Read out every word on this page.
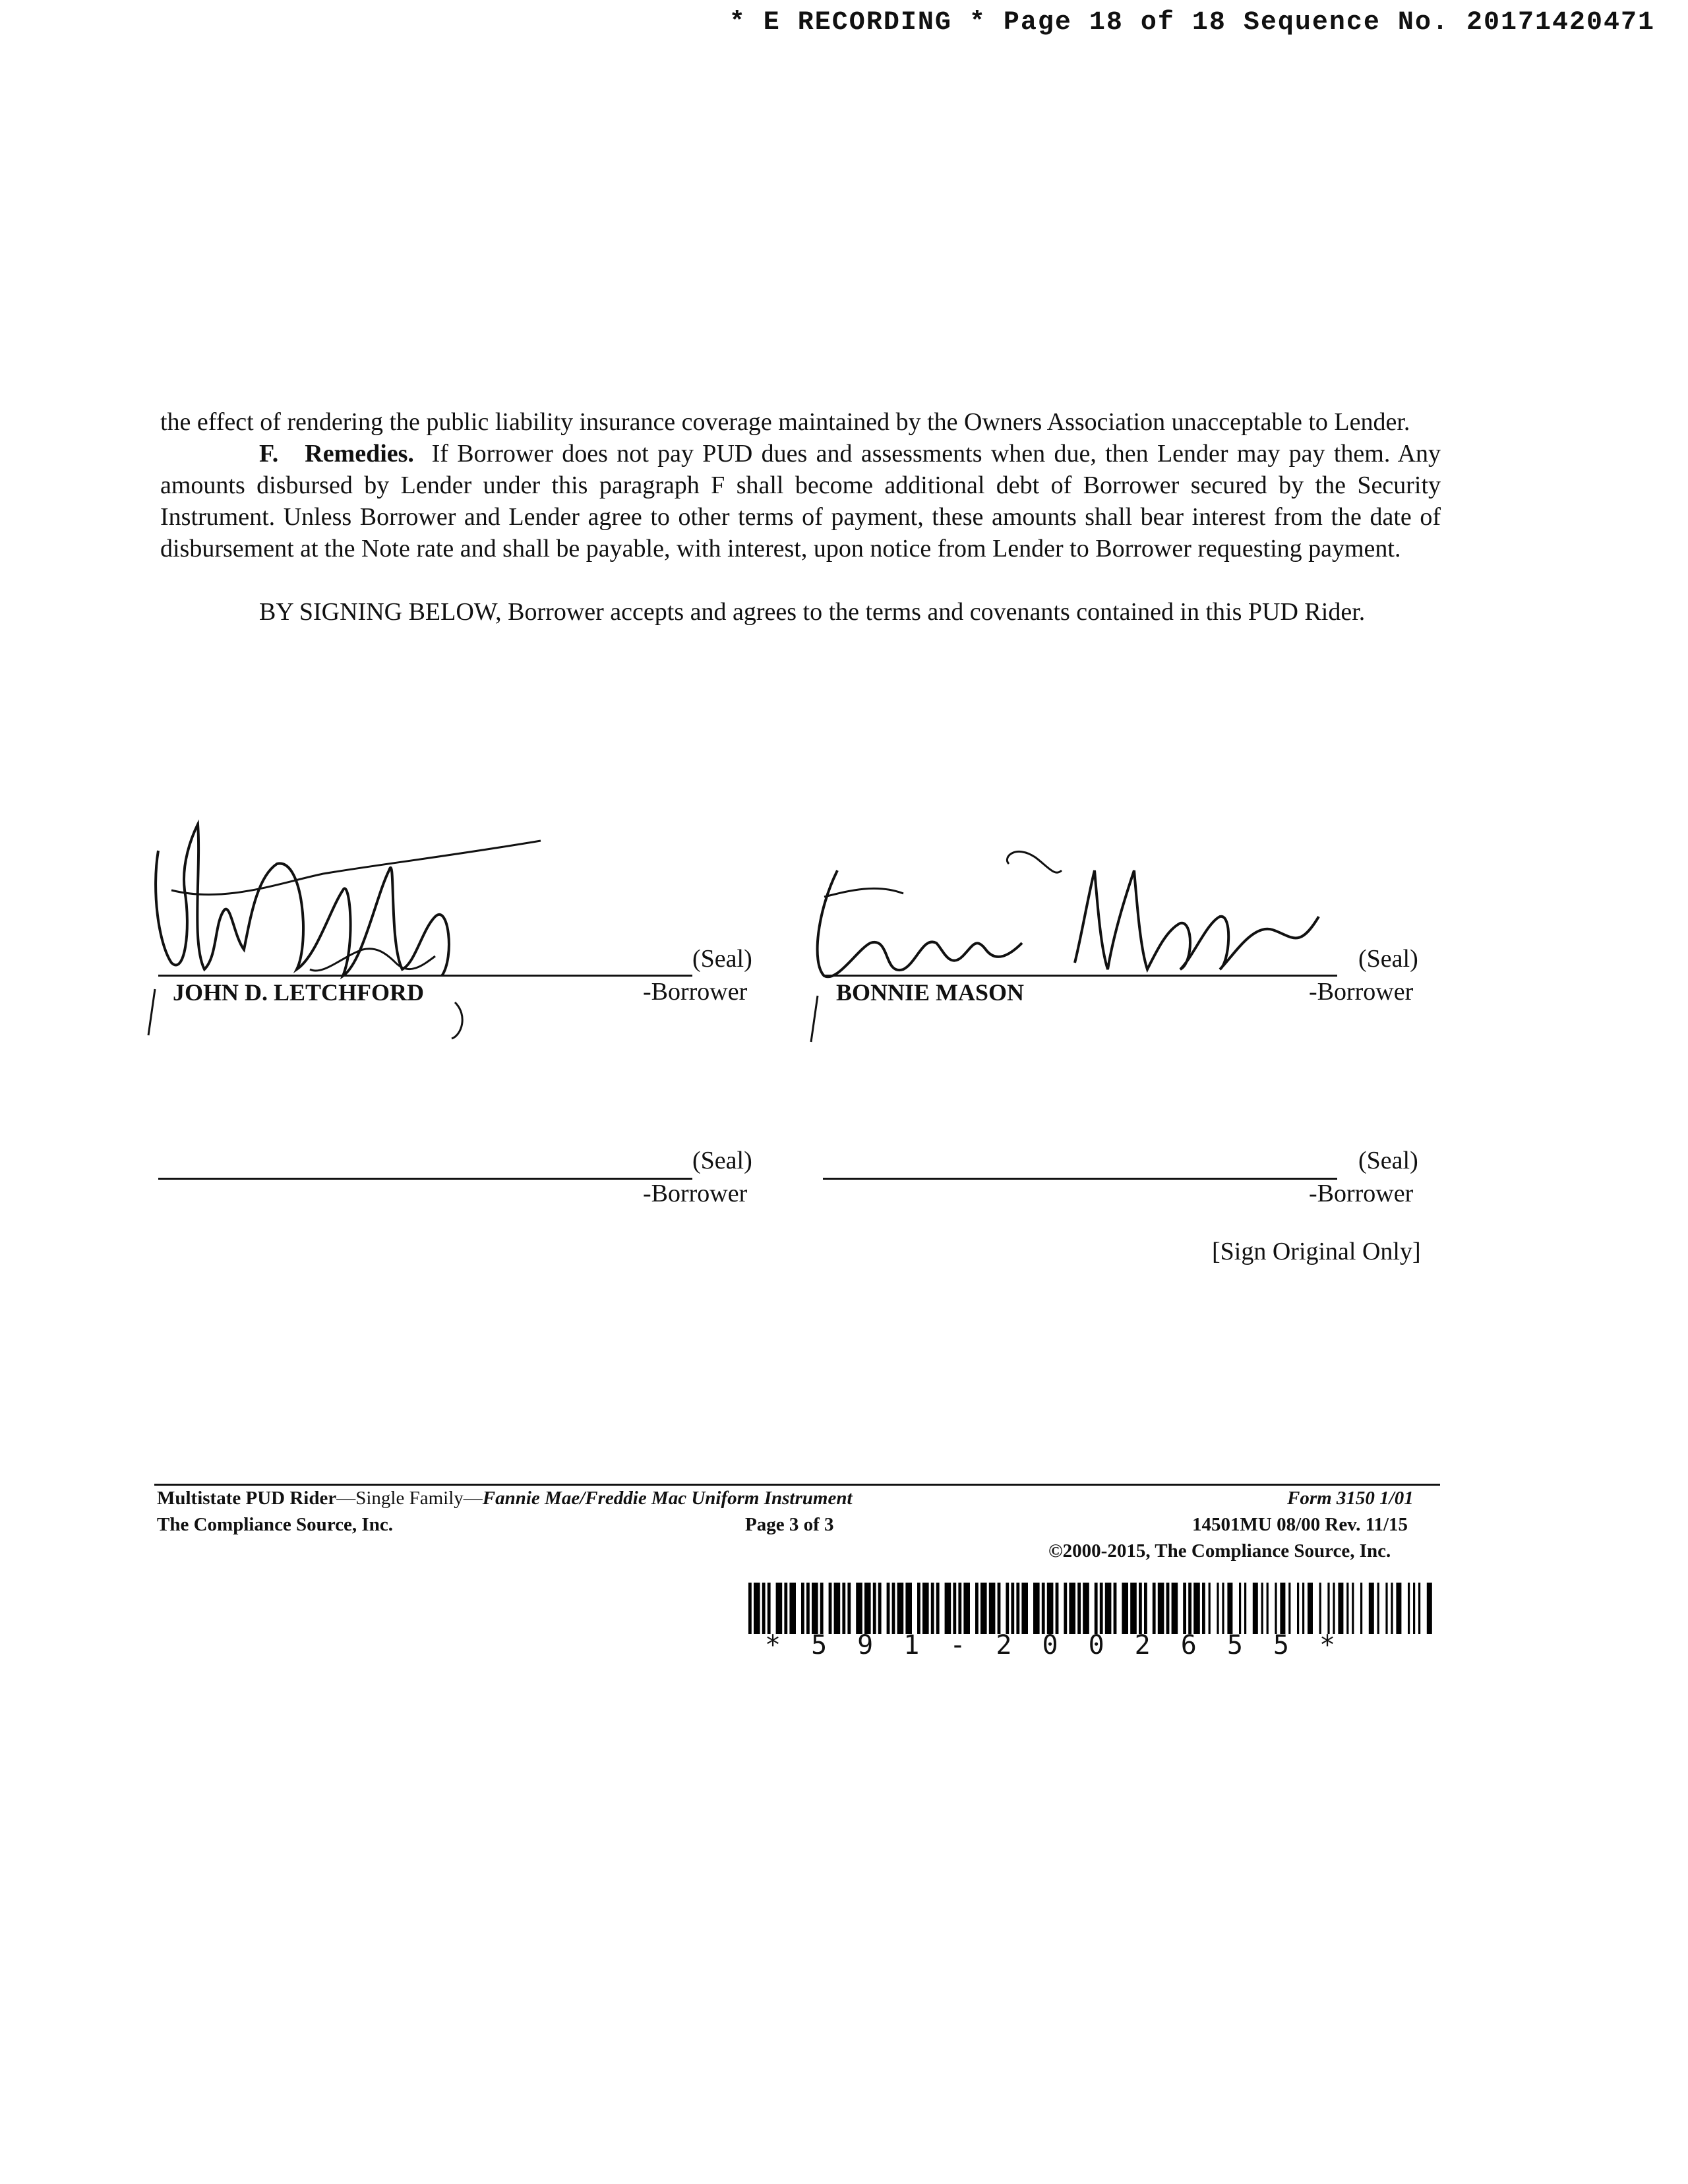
* E RECORDING * Page 18 of 18 Sequence No. 20171420471

the effect of rendering the public liability insurance coverage maintained by the Owners Association unacceptable to Lender.

F. Remedies. If Borrower does not pay PUD dues and assessments when due, then Lender may pay them. Any amounts disbursed by Lender under this paragraph F shall become additional debt of Borrower secured by the Security Instrument. Unless Borrower and Lender agree to other terms of payment, these amounts shall bear interest from the date of disbursement at the Note rate and shall be payable, with interest, upon notice from Lender to Borrower requesting payment.

BY SIGNING BELOW, Borrower accepts and agrees to the terms and covenants contained in this PUD Rider.

(Seal)
-Borrower
JOHN D. LETCHFORD
(Seal)
-Borrower
BONNIE MASON
(Seal)
-Borrower
(Seal)
-Borrower
[Sign Original Only]
Multistate PUD Rider—Single Family—Fannie Mae/Freddie Mac Uniform Instrument
The Compliance Source, Inc.	Page 3 of 3
Form 3150 1/01
14501MU 08/00 Rev. 11/15
©2000-2015, The Compliance Source, Inc.
*591-2002655*
